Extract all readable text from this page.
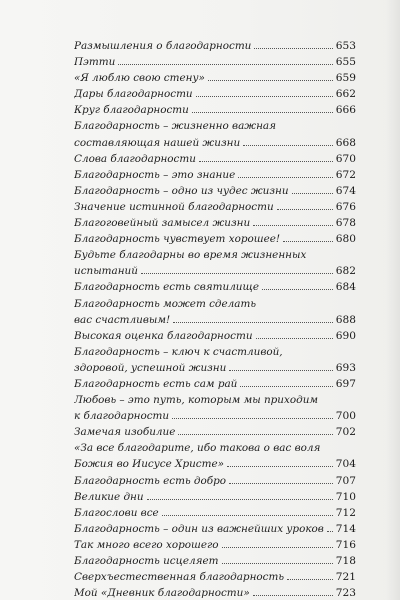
Размышления о благодарности	653
Пэтти	655
«Я люблю свою стену»	659
Дары благодарности	662
Круг благодарности	666
Благодарность – жизненно важная
составляющая нашей жизни	668
Слова благодарности	670
Благодарность – это знание	672
Благодарность – одно из чудес жизни	674
Значение истинной благодарности	676
Благоговейный замысел жизни	678
Благодарность чувствует хорошее!	680
Будьте благодарны во время жизненных
испытаний	682
Благодарность есть святилище	684
Благодарность может сделать
вас счастливым!	688
Высокая оценка благодарности	690
Благодарность – ключ к счастливой,
здоровой, успешной жизни	693
Благодарность есть сам рай	697
Любовь – это путь, которым мы приходим
к благодарности	700
Замечая изобилие	702
«За все благодарите, ибо такова о вас воля
Божия во Иисусе Христе»	704
Благодарность есть добро	707
Великие дни	710
Благослови все	712
Благодарность – один из важнейших уроков 714
Так много всего хорошего	716
Благодарность исцеляет	718
Сверхъестественная благодарность	721
Мой «Дневник благодарности»	723
